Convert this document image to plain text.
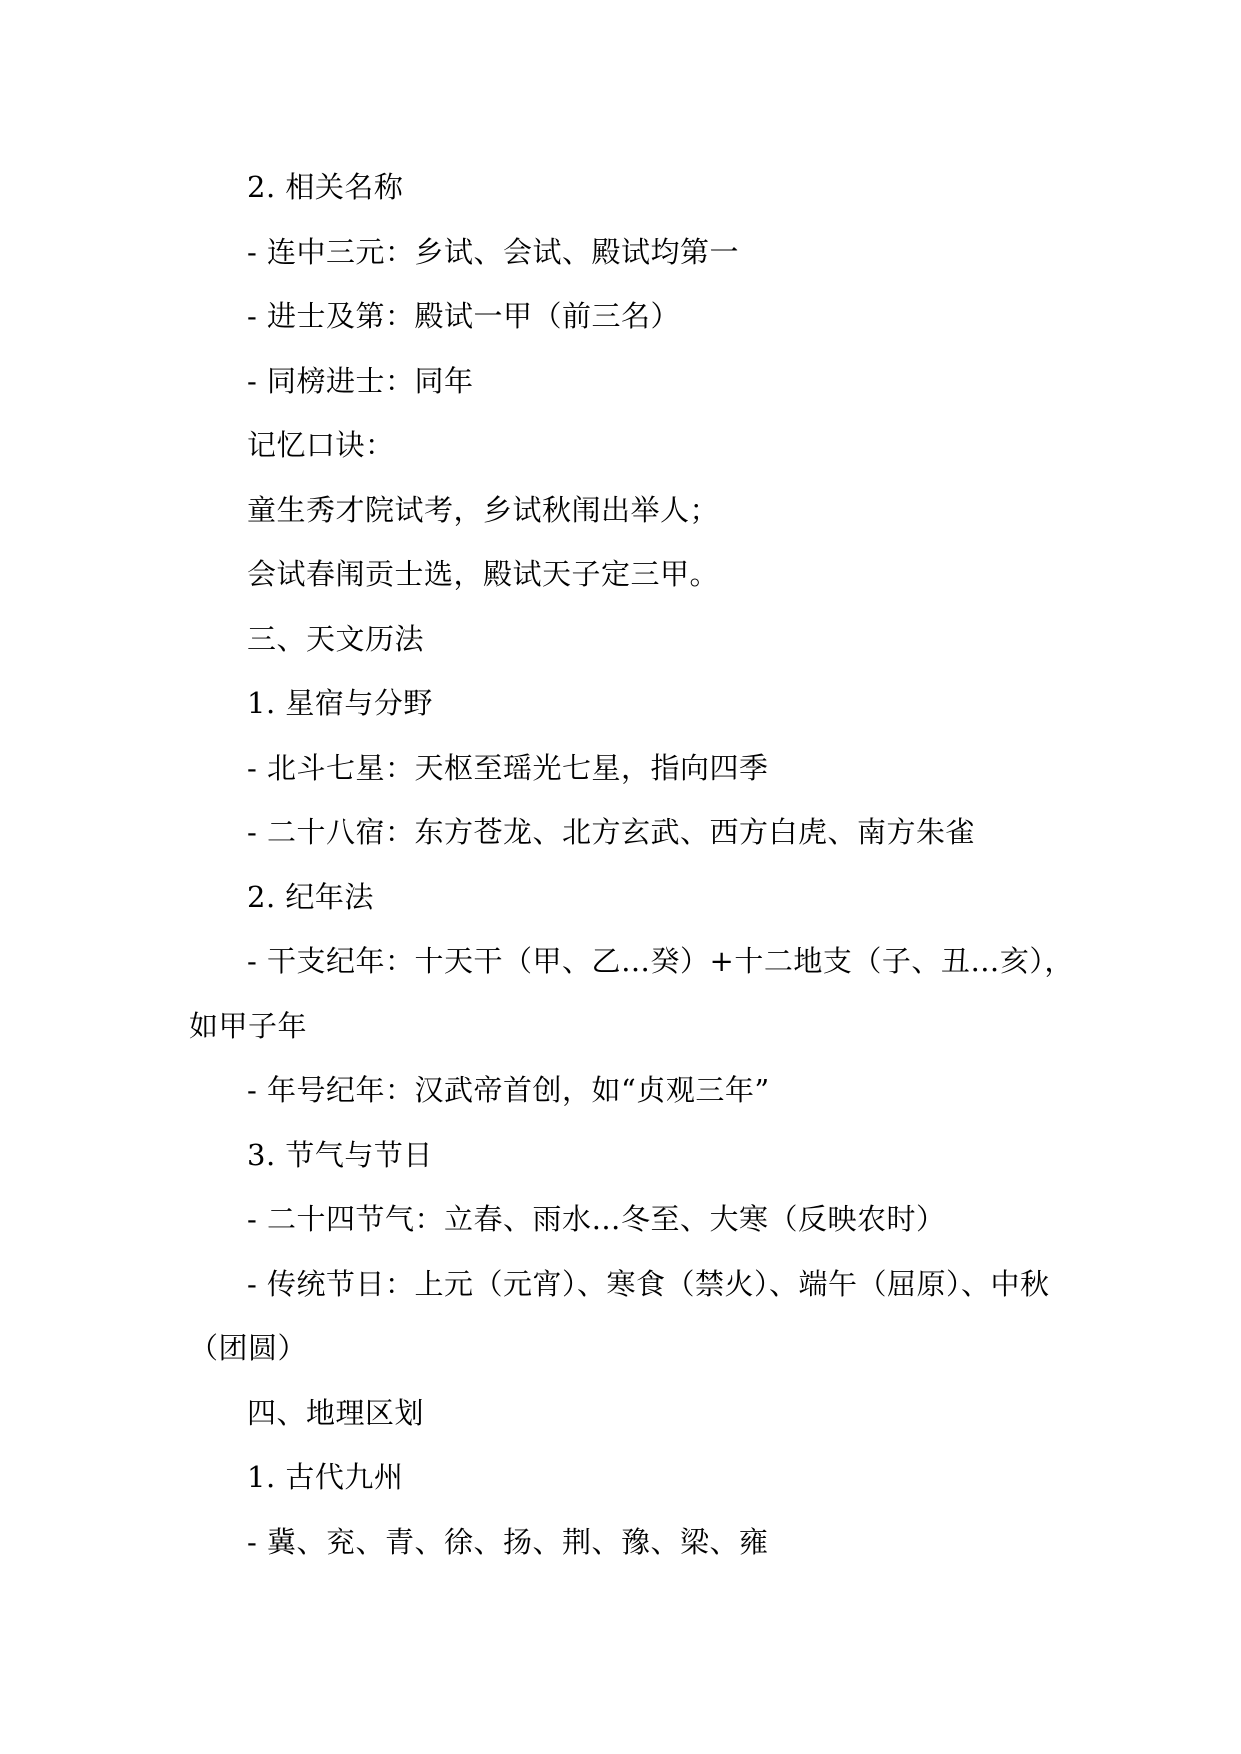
2. 相关名称
- 连中三元：乡试、会试、殿试均第一
- 进士及第：殿试一甲（前三名）
- 同榜进士：同年
记忆口诀：
童生秀才院试考，乡试秋闱出举人；
会试春闱贡士选，殿试天子定三甲。
三、天文历法
1. 星宿与分野
- 北斗七星：天枢至瑶光七星，指向四季
- 二十八宿：东方苍龙、北方玄武、西方白虎、南方朱雀
2. 纪年法
- 干支纪年：十天干（甲、乙…癸）+十二地支（子、丑…亥），
如甲子年
- 年号纪年：汉武帝首创，如“贞观三年”
3. 节气与节日
- 二十四节气：立春、雨水…冬至、大寒（反映农时）
- 传统节日：上元（元宵）、寒食（禁火）、端午（屈原）、中秋
（团圆）
四、地理区划
1. 古代九州
- 冀、兖、青、徐、扬、荆、豫、梁、雍
